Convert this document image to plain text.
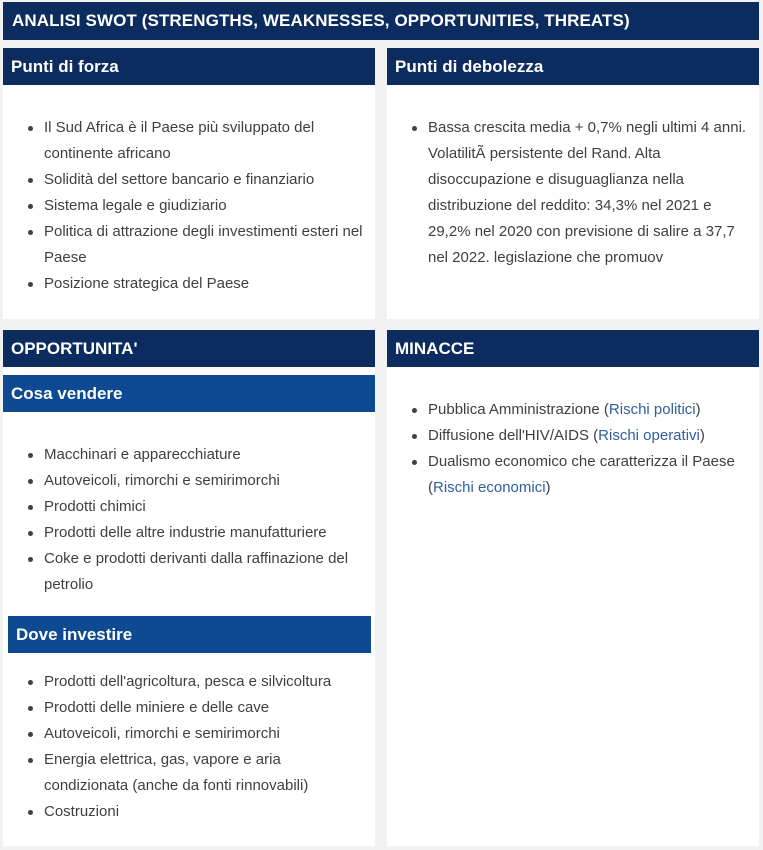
ANALISI SWOT (STRENGTHS, WEAKNESSES, OPPORTUNITIES, THREATS)
Punti di forza
Il Sud Africa è il Paese più sviluppato del continente africano
Solidità del settore bancario e finanziario
Sistema legale e giudiziario
Politica di attrazione degli investimenti esteri nel Paese
Posizione strategica del Paese
Punti di debolezza
Bassa crescita media + 0,7% negli ultimi 4 anni. VolatilitÃ persistente del Rand. Alta disoccupazione e disuguaglianza nella distribuzione del reddito: 34,3% nel 2021 e 29,2% nel 2020 con previsione di salire a 37,7 nel 2022. legislazione che promuov
OPPORTUNITA'
Cosa vendere
Macchinari e apparecchiature
Autoveicoli, rimorchi e semirimorchi
Prodotti chimici
Prodotti delle altre industrie manufatturiere
Coke e prodotti derivanti dalla raffinazione del petrolio
Dove investire
Prodotti dell'agricoltura, pesca e silvicoltura
Prodotti delle miniere e delle cave
Autoveicoli, rimorchi e semirimorchi
Energia elettrica, gas, vapore e aria condizionata (anche da fonti rinnovabili)
Costruzioni
MINACCE
Pubblica Amministrazione (Rischi politici)
Diffusione dell'HIV/AIDS (Rischi operativi)
Dualismo economico che caratterizza il Paese (Rischi economici)
